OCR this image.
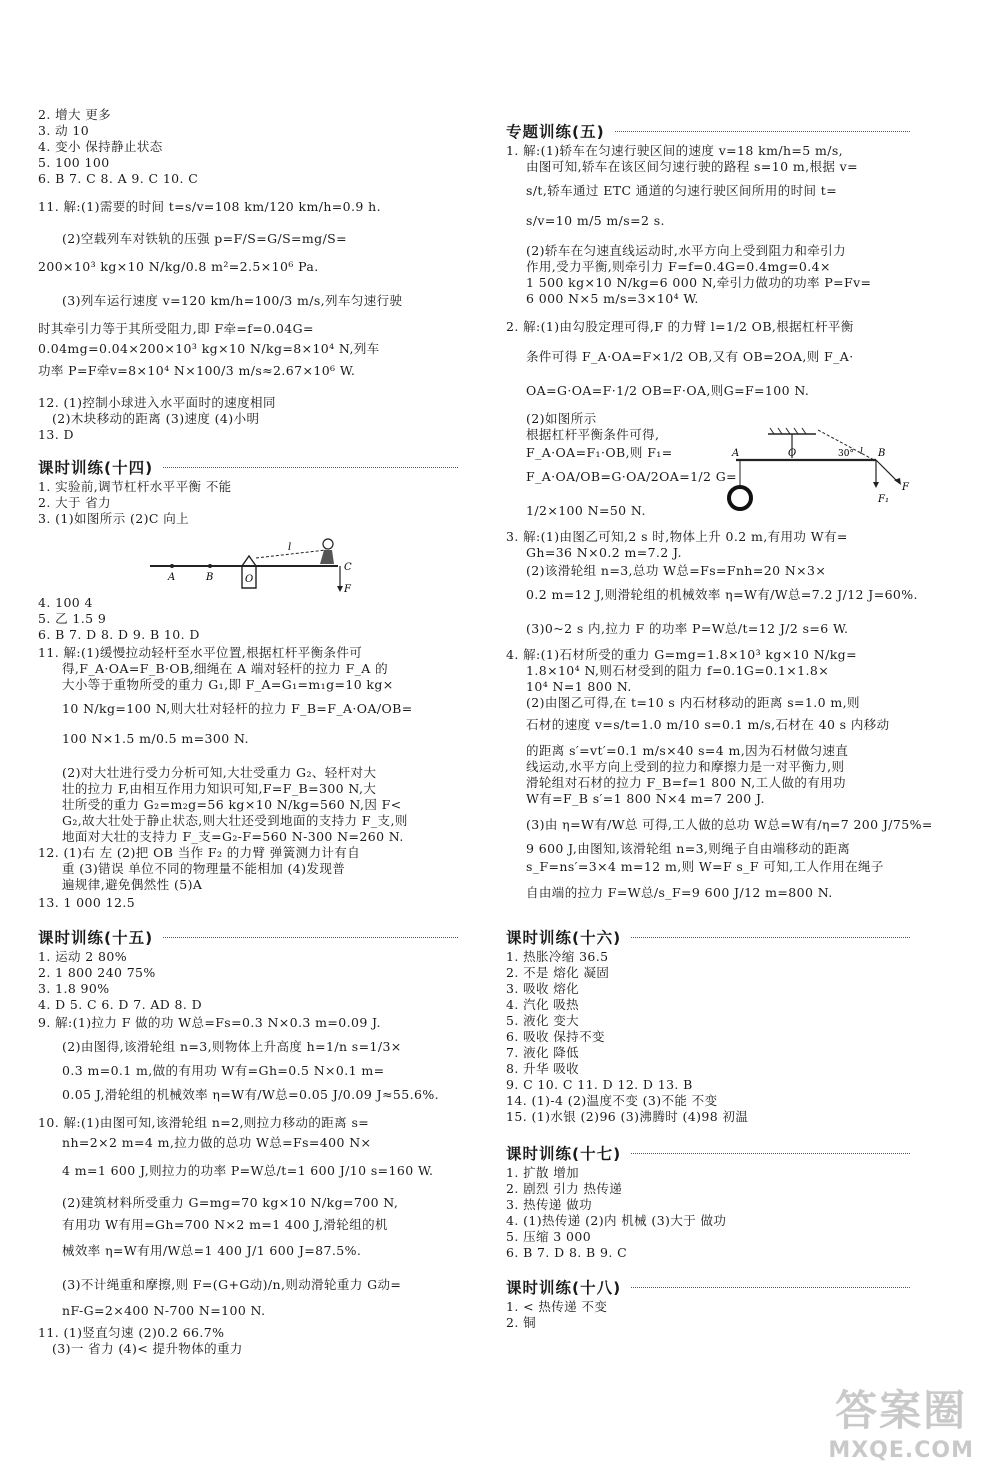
2. 增大 更多
3. 动 10
4. 变小 保持静止状态
5. 100 100
6. B 7. C 8. A 9. C 10. C
11. 解:(1)需要的时间 t=s/v=108 km/120 km/h=0.9 h.
(2)空载列车对铁轨的压强 p=F/S=G/S=mg/S=
200×10³ kg×10 N/kg/0.8 m²=2.5×10⁶ Pa.
(3)列车运行速度 v=120 km/h=100/3 m/s,列车匀速行驶
时其牵引力等于其所受阻力,即 F牵=f=0.04G=
0.04mg=0.04×200×10³ kg×10 N/kg=8×10⁴ N,列车
功率 P=F牵v=8×10⁴ N×100/3 m/s≈2.67×10⁶ W.
12. (1)控制小球进入水平面时的速度相同
(2)木块移动的距离 (3)速度 (4)小明
13. D
课时训练(十四)
1. 实验前,调节杠杆水平平衡 不能
2. 大于 省力
3. (1)如图所示 (2)C 向上
A	B	O
C
l
F
4. 100 4
5. 乙 1.5 9
6. B 7. D 8. D 9. B 10. D
11. 解:(1)缓慢拉动轻杆至水平位置,根据杠杆平衡条件可
得,F_A·OA=F_B·OB,细绳在 A 端对轻杆的拉力 F_A 的
大小等于重物所受的重力 G₁,即 F_A=G₁=m₁g=10 kg×
10 N/kg=100 N,则大壮对轻杆的拉力 F_B=F_A·OA/OB=
100 N×1.5 m/0.5 m=300 N.
(2)对大壮进行受力分析可知,大壮受重力 G₂、轻杆对大
壮的拉力 F,由相互作用力知识可知,F=F_B=300 N,大
壮所受的重力 G₂=m₂g=56 kg×10 N/kg=560 N,因 F<
G₂,故大壮处于静止状态,则大壮还受到地面的支持力 F_支,则
地面对大壮的支持力 F_支=G₂-F=560 N-300 N=260 N.
12. (1)右 左 (2)把 OB 当作 F₂ 的力臂 弹簧测力计有自
重 (3)错误 单位不同的物理量不能相加 (4)发现普
遍规律,避免偶然性 (5)A
13. 1 000 12.5
课时训练(十五)
1. 运动 2 80%
2. 1 800 240 75%
3. 1.8 90%
4. D 5. C 6. D 7. AD 8. D
9. 解:(1)拉力 F 做的功 W总=Fs=0.3 N×0.3 m=0.09 J.
(2)由图得,该滑轮组 n=3,则物体上升高度 h=1/n s=1/3×
0.3 m=0.1 m,做的有用功 W有=Gh=0.5 N×0.1 m=
0.05 J,滑轮组的机械效率 η=W有/W总=0.05 J/0.09 J≈55.6%.
10. 解:(1)由图可知,该滑轮组 n=2,则拉力移动的距离 s=
nh=2×2 m=4 m,拉力做的总功 W总=Fs=400 N×
4 m=1 600 J,则拉力的功率 P=W总/t=1 600 J/10 s=160 W.
(2)建筑材料所受重力 G=mg=70 kg×10 N/kg=700 N,
有用功 W有用=Gh=700 N×2 m=1 400 J,滑轮组的机
械效率 η=W有用/W总=1 400 J/1 600 J=87.5%.
(3)不计绳重和摩擦,则 F=(G+G动)/n,则动滑轮重力 G动=
nF-G=2×400 N-700 N=100 N.
11. (1)竖直匀速 (2)0.2 66.7%
(3)一 省力 (4)< 提升物体的重力
专题训练(五)
1. 解:(1)轿车在匀速行驶区间的速度 v=18 km/h=5 m/s,
由图可知,轿车在该区间匀速行驶的路程 s=10 m,根据 v=
s/t,轿车通过 ETC 通道的匀速行驶区间所用的时间 t=
s/v=10 m/5 m/s=2 s.
(2)轿车在匀速直线运动时,水平方向上受到阻力和牵引力
作用,受力平衡,则牵引力 F=f=0.4G=0.4mg=0.4×
1 500 kg×10 N/kg=6 000 N,牵引力做功的功率 P=Fv=
6 000 N×5 m/s=3×10⁴ W.
2. 解:(1)由勾股定理可得,F 的力臂 l=1/2 OB,根据杠杆平衡
条件可得 F_A·OA=F×1/2 OB,又有 OB=2OA,则 F_A·
OA=G·OA=F·1/2 OB=F·OA,则G=F=100 N.
(2)如图所示
根据杠杆平衡条件可得,
F_A·OA=F₁·OB,则 F₁=
F_A·OA/OB=G·OA/2OA=1/2 G=
1/2×100 N=50 N.
A	O	30° l B
F₁
F
3. 解:(1)由图乙可知,2 s 时,物体上升 0.2 m,有用功 W有=
Gh=36 N×0.2 m=7.2 J.
(2)该滑轮组 n=3,总功 W总=Fs=Fnh=20 N×3×
0.2 m=12 J,则滑轮组的机械效率 η=W有/W总=7.2 J/12 J=60%.
(3)0~2 s 内,拉力 F 的功率 P=W总/t=12 J/2 s=6 W.
4. 解:(1)石材所受的重力 G=mg=1.8×10³ kg×10 N/kg=
1.8×10⁴ N,则石材受到的阻力 f=0.1G=0.1×1.8×
10⁴ N=1 800 N.
(2)由图乙可得,在 t=10 s 内石材移动的距离 s=1.0 m,则
石材的速度 v=s/t=1.0 m/10 s=0.1 m/s,石材在 40 s 内移动
的距离 s′=vt′=0.1 m/s×40 s=4 m,因为石材做匀速直
线运动,水平方向上受到的拉力和摩擦力是一对平衡力,则
滑轮组对石材的拉力 F_B=f=1 800 N,工人做的有用功
W有=F_B s′=1 800 N×4 m=7 200 J.
(3)由 η=W有/W总 可得,工人做的总功 W总=W有/η=7 200 J/75%=
9 600 J,由图知,该滑轮组 n=3,则绳子自由端移动的距离
s_F=ns′=3×4 m=12 m,则 W=F s_F 可知,工人作用在绳子
自由端的拉力 F=W总/s_F=9 600 J/12 m=800 N.
课时训练(十六)
1. 热胀冷缩 36.5
2. 不是 熔化 凝固
3. 吸收 熔化
4. 汽化 吸热
5. 液化 变大
6. 吸收 保持不变
7. 液化 降低
8. 升华 吸收
9. C 10. C 11. D 12. D 13. B
14. (1)-4 (2)温度不变 (3)不能 不变
15. (1)水银 (2)96 (3)沸腾时 (4)98 初温
课时训练(十七)
1. 扩散 增加
2. 剧烈 引力 热传递
3. 热传递 做功
4. (1)热传递 (2)内 机械 (3)大于 做功
5. 压缩 3 000
6. B 7. D 8. B 9. C
课时训练(十八)
1. < 热传递 不变
2. 铜
答案圈
MXQE.COM
